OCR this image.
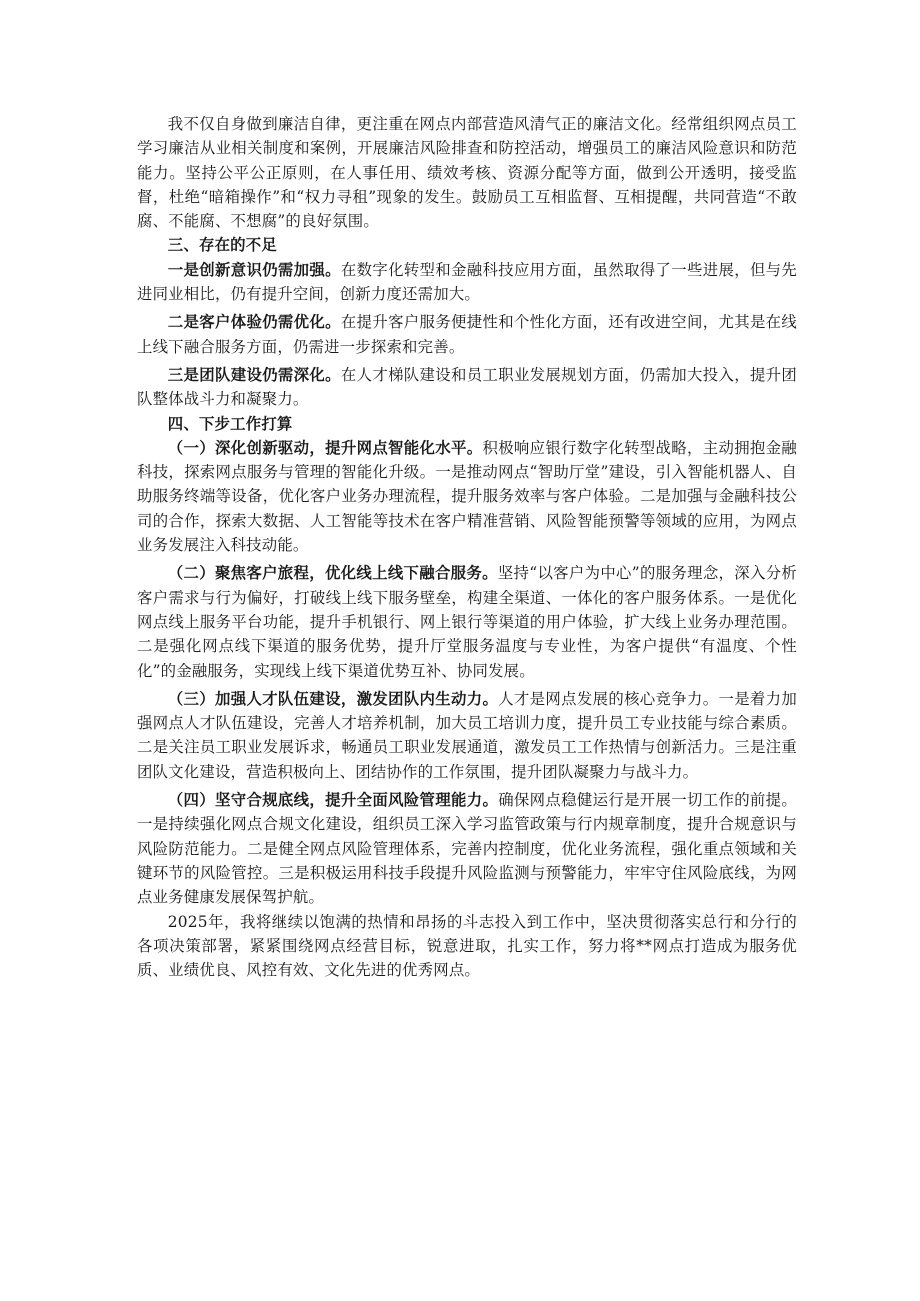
我不仅自身做到廉洁自律，更注重在网点内部营造风清气正的廉洁文化。经常组织网点员工学习廉洁从业相关制度和案例，开展廉洁风险排查和防控活动，增强员工的廉洁风险意识和防范能力。坚持公平公正原则，在人事任用、绩效考核、资源分配等方面，做到公开透明，接受监督，杜绝“暗箱操作”和“权力寻租”现象的发生。鼓励员工互相监督、互相提醒，共同营造“不敢腐、不能腐、不想腐”的良好氛围。

三、存在的不足

一是创新意识仍需加强。在数字化转型和金融科技应用方面，虽然取得了一些进展，但与先进同业相比，仍有提升空间，创新力度还需加大。

二是客户体验仍需优化。在提升客户服务便捷性和个性化方面，还有改进空间，尤其是在线上线下融合服务方面，仍需进一步探索和完善。

三是团队建设仍需深化。在人才梯队建设和员工职业发展规划方面，仍需加大投入，提升团队整体战斗力和凝聚力。

四、下步工作打算

（一）深化创新驱动，提升网点智能化水平。积极响应银行数字化转型战略，主动拥抱金融科技，探索网点服务与管理的智能化升级。一是推动网点“智助厅堂”建设，引入智能机器人、自助服务终端等设备，优化客户业务办理流程，提升服务效率与客户体验。二是加强与金融科技公司的合作，探索大数据、人工智能等技术在客户精准营销、风险智能预警等领域的应用，为网点业务发展注入科技动能。

（二）聚焦客户旅程，优化线上线下融合服务。坚持“以客户为中心”的服务理念，深入分析客户需求与行为偏好，打破线上线下服务壁垒，构建全渠道、一体化的客户服务体系。一是优化网点线上服务平台功能，提升手机银行、网上银行等渠道的用户体验，扩大线上业务办理范围。二是强化网点线下渠道的服务优势，提升厅堂服务温度与专业性，为客户提供“有温度、个性化”的金融服务，实现线上线下渠道优势互补、协同发展。

（三）加强人才队伍建设，激发团队内生动力。人才是网点发展的核心竞争力。一是着力加强网点人才队伍建设，完善人才培养机制，加大员工培训力度，提升员工专业技能与综合素质。二是关注员工职业发展诉求，畅通员工职业发展通道，激发员工工作热情与创新活力。三是注重团队文化建设，营造积极向上、团结协作的工作氛围，提升团队凝聚力与战斗力。

（四）坚守合规底线，提升全面风险管理能力。确保网点稳健运行是开展一切工作的前提。一是持续强化网点合规文化建设，组织员工深入学习监管政策与行内规章制度，提升合规意识与风险防范能力。二是健全网点风险管理体系，完善内控制度，优化业务流程，强化重点领域和关键环节的风险管控。三是积极运用科技手段提升风险监测与预警能力，牢牢守住风险底线，为网点业务健康发展保驾护航。

2025年，我将继续以饱满的热情和昂扬的斗志投入到工作中，坚决贯彻落实总行和分行的各项决策部署，紧紧围绕网点经营目标，锐意进取，扎实工作，努力将**网点打造成为服务优质、业绩优良、风控有效、文化先进的优秀网点。
